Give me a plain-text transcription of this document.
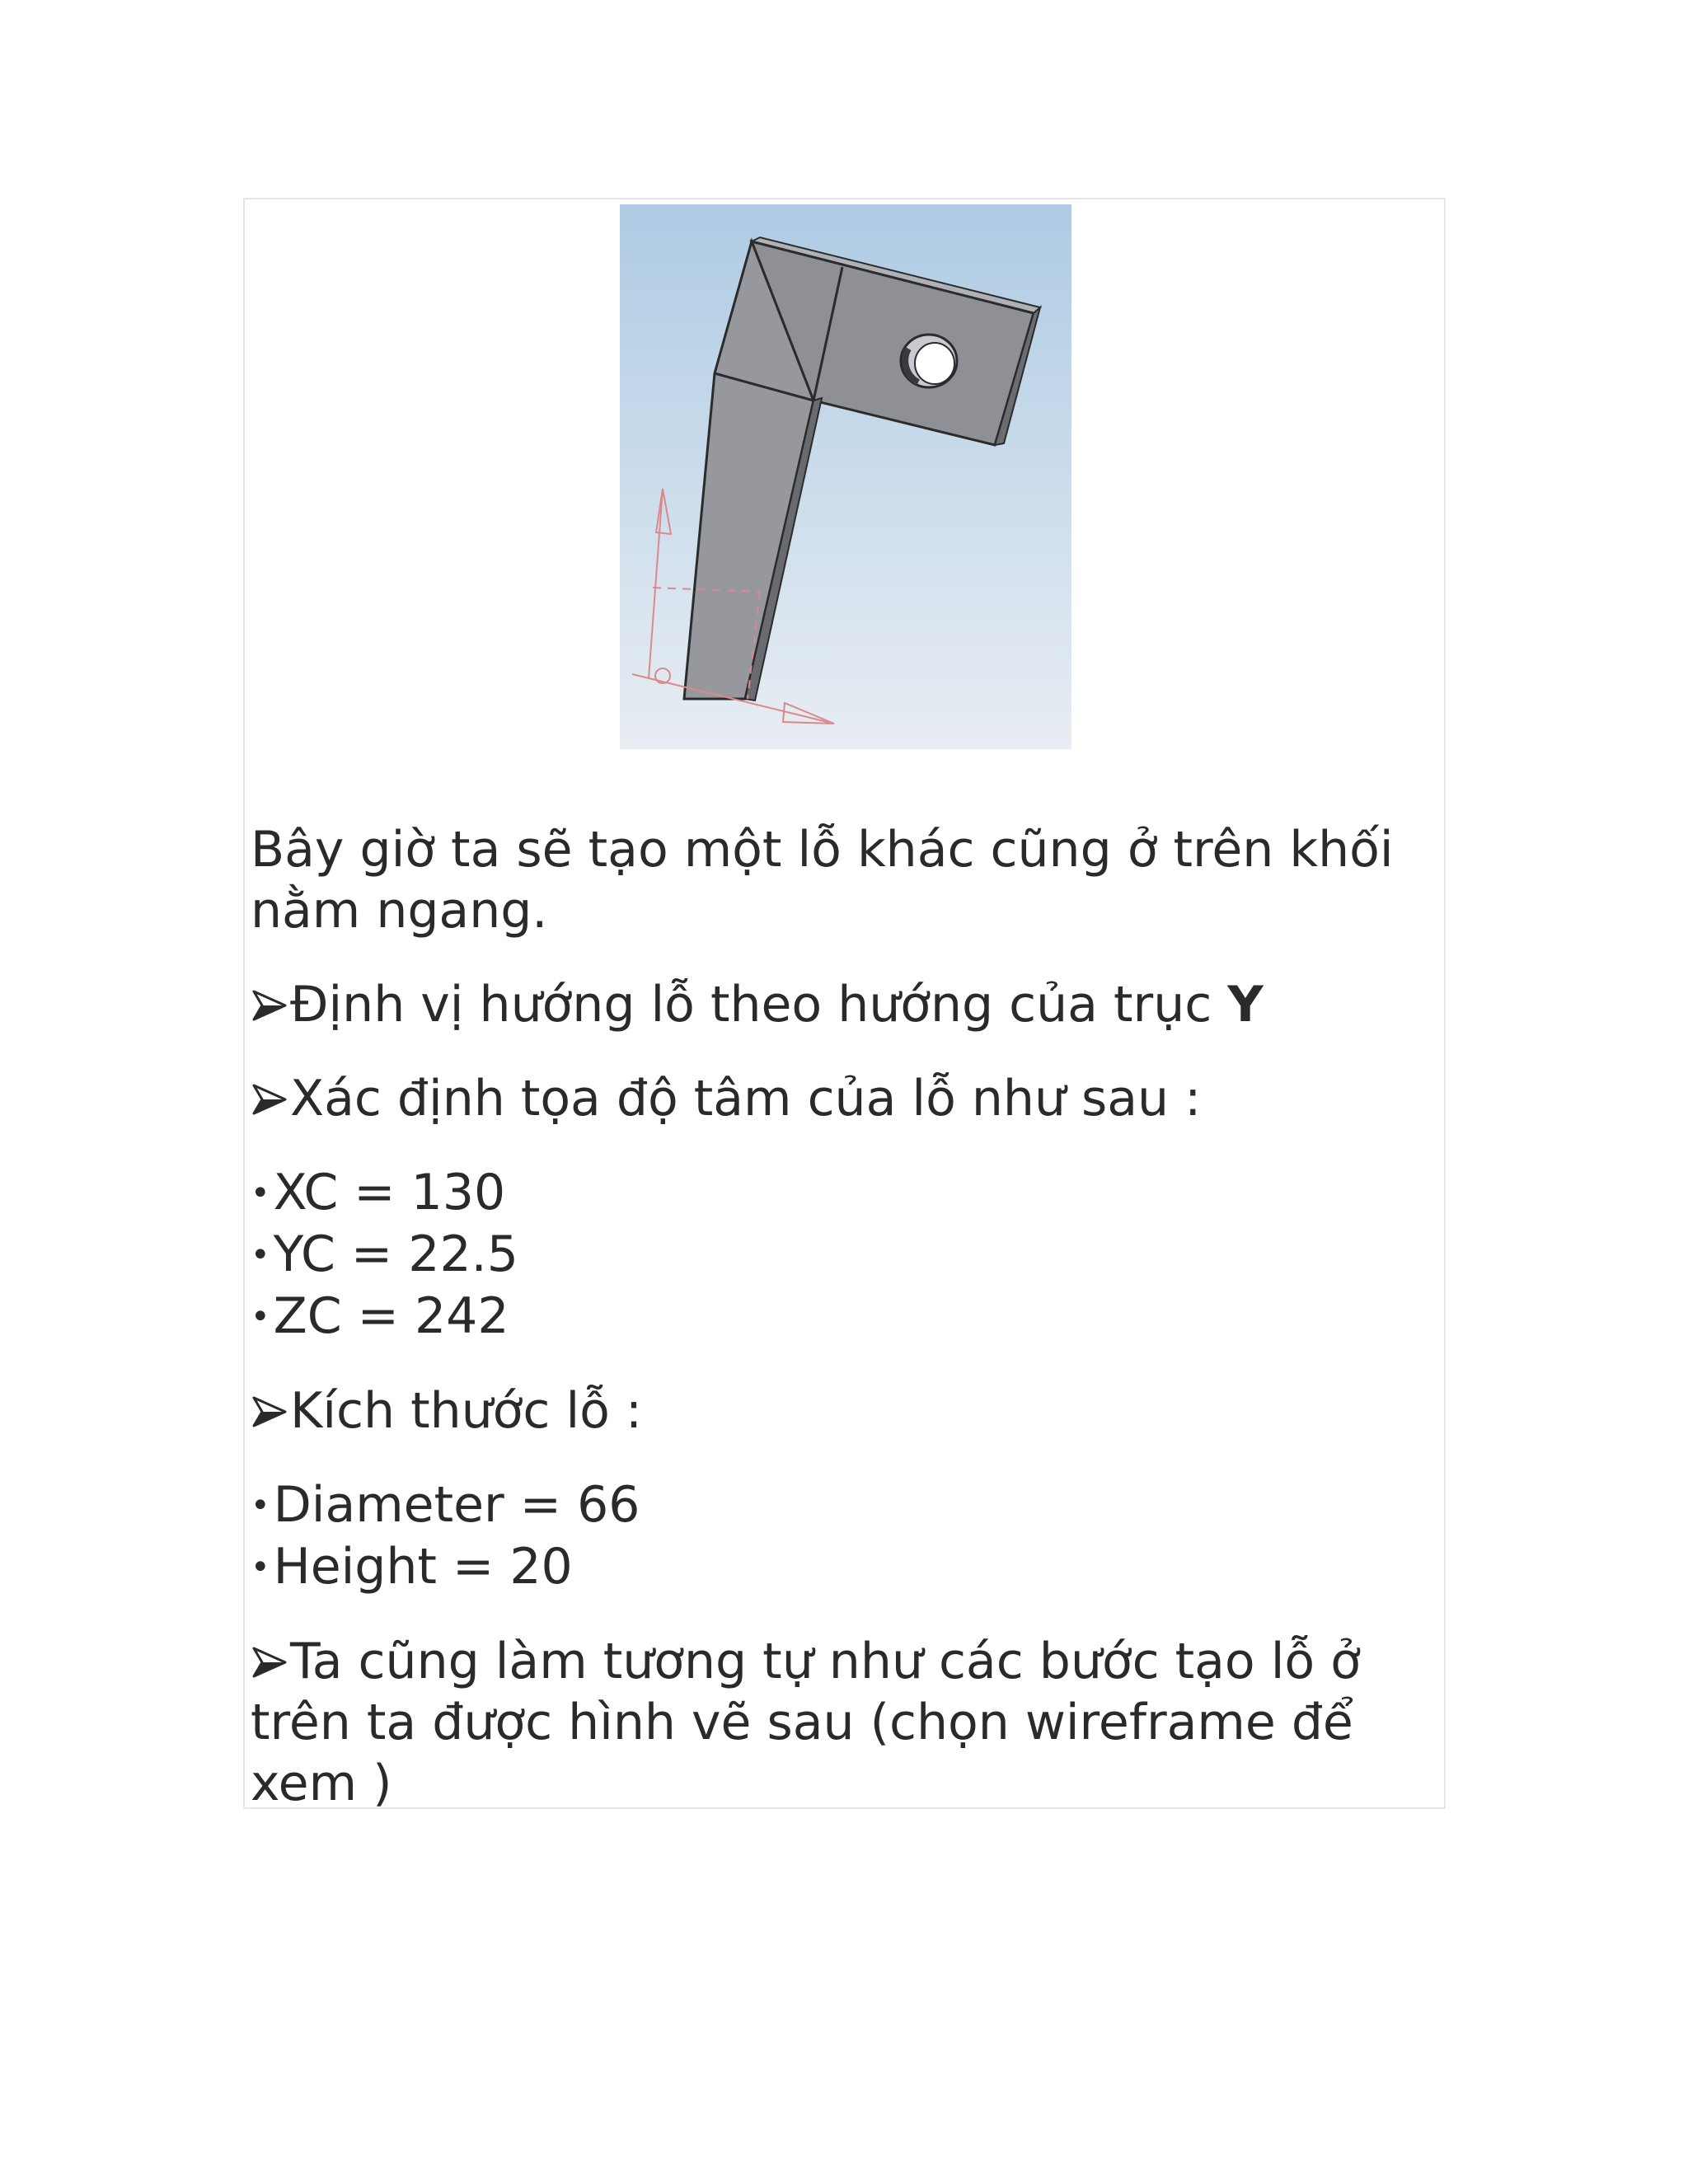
Bây giờ ta sẽ tạo một lỗ khác cũng ở trên khối nằm ngang.

Định vị hướng lỗ theo hướng của trục Y

Xác định tọa độ tâm của lỗ như sau :

•XC = 130

•YC = 22.5

•ZC = 242

Kích thước lỗ :

•Diameter = 66

•Height = 20

Ta cũng làm tương tự như các bước tạo lỗ ở trên ta được hình vẽ sau (chọn wireframe để xem )
